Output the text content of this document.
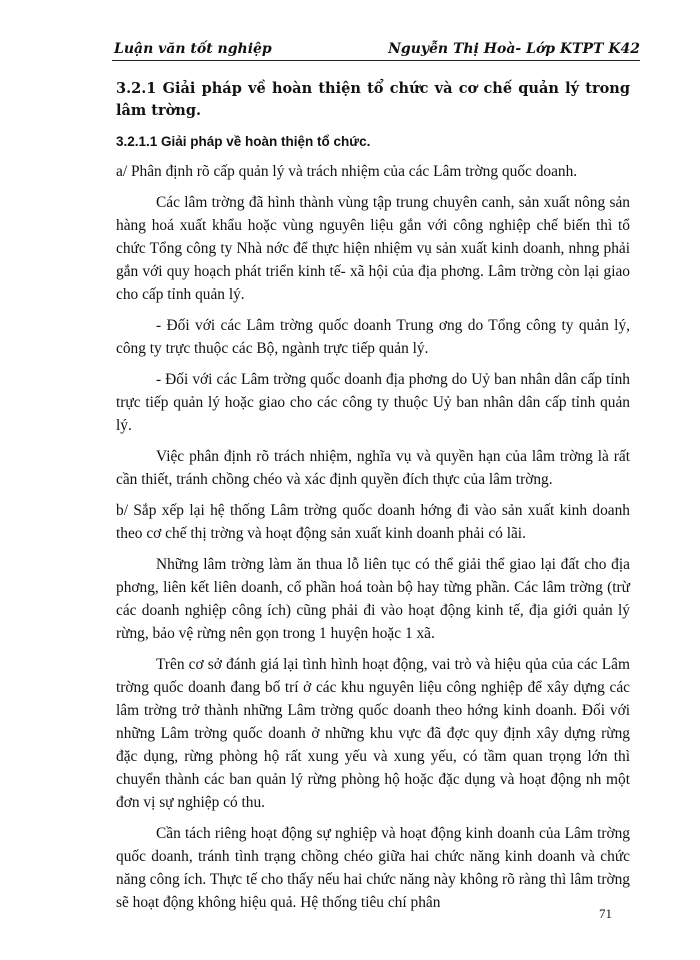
Luận văn tốt nghiệp	Nguyễn Thị Hoà- Lớp KTPT K42
3.2.1 Giải pháp về hoàn thiện tổ chức và cơ chế quản lý trong lâm trờng.
3.2.1.1 Giải pháp về hoàn thiện tổ chức.

a/ Phân định rõ cấp quản lý và trách nhiệm của các Lâm trờng quốc doanh.

Các lâm trờng đã hình thành vùng tập trung chuyên canh, sản xuất nông sản hàng hoá xuất khẩu hoặc vùng nguyên liệu gắn với công nghiệp chế biến thì tổ chức Tổng công ty Nhà nớc để thực hiện nhiệm vụ sản xuất kinh doanh, nhng phải gắn với quy hoạch phát triển kinh tế- xã hội của địa phơng. Lâm trờng còn lại giao cho cấp tỉnh quản lý.

- Đối với các Lâm trờng quốc doanh Trung ơng do Tổng công ty quản lý, công ty trực thuộc các Bộ, ngành trực tiếp quản lý.

- Đối với các Lâm trờng quốc doanh địa phơng do Uỷ ban nhân dân cấp tỉnh trực tiếp quản lý hoặc giao cho các công ty thuộc Uỷ ban nhân dân cấp tỉnh quản lý.

Việc phân định rõ trách nhiệm, nghĩa vụ và quyền hạn của lâm trờng là rất cần thiết, tránh chồng chéo và xác định quyền đích thực của lâm trờng.

b/ Sắp xếp lại hệ thống Lâm trờng quốc doanh hớng đi vào sản xuất kinh doanh theo cơ chế thị trờng và hoạt động sản xuất kinh doanh phải có lãi.

Những lâm trờng làm ăn thua lỗ liên tục có thể giải thể giao lại đất cho địa phơng, liên kết liên doanh, cổ phần hoá toàn bộ hay từng phần. Các lâm trờng (trừ các doanh nghiệp công ích) cũng phải đi vào hoạt động kinh tế, địa giới quản lý rừng, bảo vệ rừng nên gọn trong 1 huyện hoặc 1 xã.

Trên cơ sở đánh giá lại tình hình hoạt động, vai trò và hiệu qủa của các Lâm trờng quốc doanh đang bố trí ở các khu nguyên liệu công nghiệp để xây dựng các lâm trờng trở thành những Lâm trờng quốc doanh theo hớng kinh doanh. Đối với những Lâm trờng quốc doanh ở những khu vực đã đợc quy định xây dựng rừng đặc dụng, rừng phòng hộ rất xung yếu và xung yếu, có tầm quan trọng lớn thì chuyển thành các ban quản lý rừng phòng hộ hoặc đặc dụng và hoạt động nh một đơn vị sự nghiệp có thu.

Cần tách riêng hoạt động sự nghiệp và hoạt động kinh doanh của Lâm trờng quốc doanh, tránh tình trạng chồng chéo giữa hai chức năng kinh doanh và chức năng công ích. Thực tế cho thấy nếu hai chức năng này không rõ ràng thì lâm trờng sẽ hoạt động không hiệu quả. Hệ thống tiêu chí phân

71
